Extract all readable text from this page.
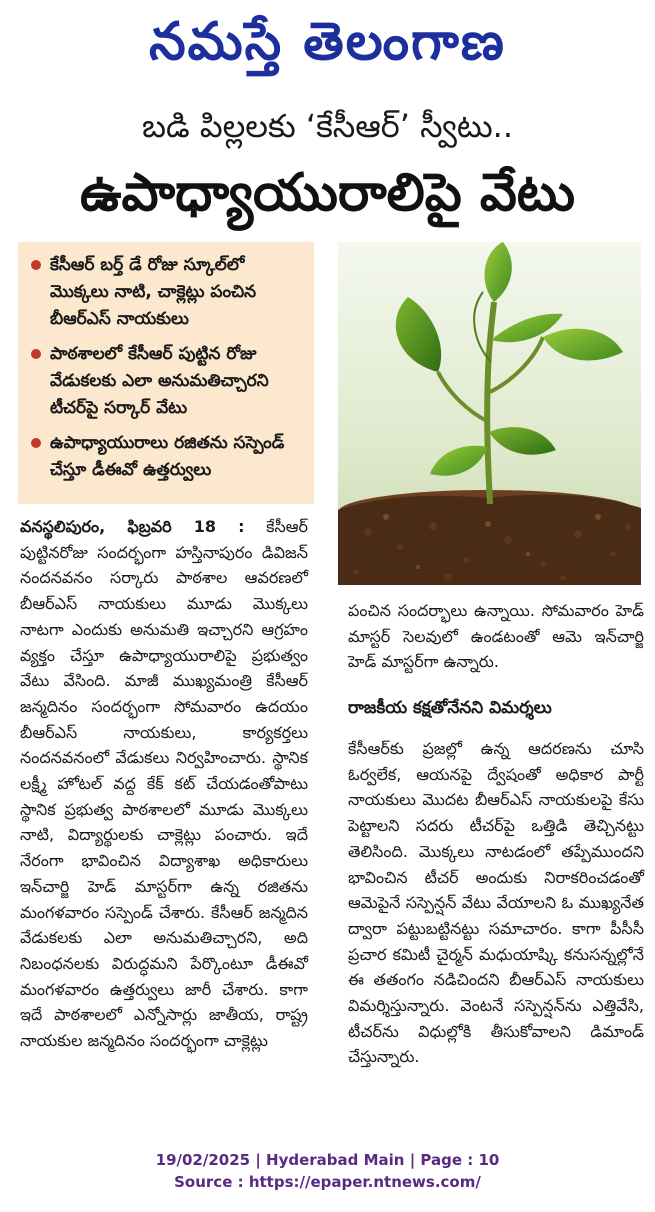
నమస్తే తెలంగాణ
బడి పిల్లలకు ‘కేసీఆర్’ స్వీటు..
ఉపాధ్యాయురాలిపై వేటు
కేసీఆర్ బర్త్ డే రోజు స్కూల్‌లో మొక్కలు నాటి, చాక్లెట్లు పంచిన బీఆర్‌ఎస్ నాయకులు
పాఠశాలలో కేసీఆర్ పుట్టిన రోజు వేడుకలకు ఎలా అనుమతిచ్చారని టీచర్‌పై సర్కార్ వేటు
ఉపాధ్యాయురాలు రజితను సస్పెండ్ చేస్తూ డీఈవో ఉత్తర్వులు
వనస్థలిపురం, ఫిబ్రవరి 18 : కేసీఆర్ పుట్టినరోజు సందర్భంగా హస్తినాపురం డివిజన్ నందనవనం సర్కారు పాఠశాల ఆవరణలో బీఆర్‌ఎస్ నాయకులు మూడు మొక్కలు నాటగా ఎందుకు అనుమతి ఇచ్చారని ఆగ్రహం వ్యక్తం చేస్తూ ఉపాధ్యాయురాలిపై ప్రభుత్వం వేటు వేసింది. మాజీ ముఖ్యమంత్రి కేసీఆర్ జన్మదినం సందర్భంగా సోమవారం ఉదయం బీఆర్‌ఎస్ నాయకులు, కార్యకర్తలు నందనవనంలో వేడుకలు నిర్వహించారు. స్థానిక లక్ష్మీ హోటల్ వద్ద కేక్ కట్ చేయడంతోపాటు స్థానిక ప్రభుత్వ పాఠశాలలో మూడు మొక్కలు నాటి, విద్యార్థులకు చాక్లెట్లు పంచారు. ఇదే నేరంగా భావించిన విద్యాశాఖ అధికారులు ఇన్‌చార్జి హెడ్ మాస్టర్‌గా ఉన్న రజితను మంగళవారం సస్పెండ్ చేశారు. కేసీఆర్ జన్మదిన వేడుకలకు ఎలా అనుమతిచ్చారని, అది నిబంధనలకు విరుద్ధమని పేర్కొంటూ డీఈవో మంగళవారం ఉత్తర్వులు జారీ చేశారు. కాగా ఇదే పాఠశాలలో ఎన్నోసార్లు జాతీయ, రాష్ట్ర నాయకుల జన్మదినం సందర్భంగా చాక్లెట్లు
పంచిన సందర్భాలు ఉన్నాయి. సోమవారం హెడ్ మాస్టర్ సెలవులో ఉండటంతో ఆమె ఇన్‌చార్జి హెడ్ మాస్టర్‌గా ఉన్నారు.
రాజకీయ కక్షతోనేనని విమర్శలు
కేసీఆర్‌కు ప్రజల్లో ఉన్న ఆదరణను చూసి ఓర్వలేక, ఆయనపై ద్వేషంతో అధికార పార్టీ నాయకులు మొదట బీఆర్‌ఎస్ నాయకులపై కేసు పెట్టాలని సదరు టీచర్‌పై ఒత్తిడి తెచ్చినట్టు తెలిసింది. మొక్కలు నాటడంలో తప్పేముందని భావించిన టీచర్ అందుకు నిరాకరించడంతో ఆమెపైనే సస్పెన్షన్ వేటు వేయాలని ఓ ముఖ్యనేత ద్వారా పట్టుబట్టినట్టు సమాచారం. కాగా పీసీసీ ప్రచార కమిటీ చైర్మన్ మధుయాష్కి కనుసన్నల్లోనే ఈ తతంగం నడిచిందని బీఆర్‌ఎస్ నాయకులు విమర్శిస్తున్నారు. వెంటనే సస్పెన్షన్‌ను ఎత్తివేసి, టీచర్‌ను విధుల్లోకి తీసుకోవాలని డిమాండ్ చేస్తున్నారు.
19/02/2025 | Hyderabad Main | Page : 10
Source : https://epaper.ntnews.com/
